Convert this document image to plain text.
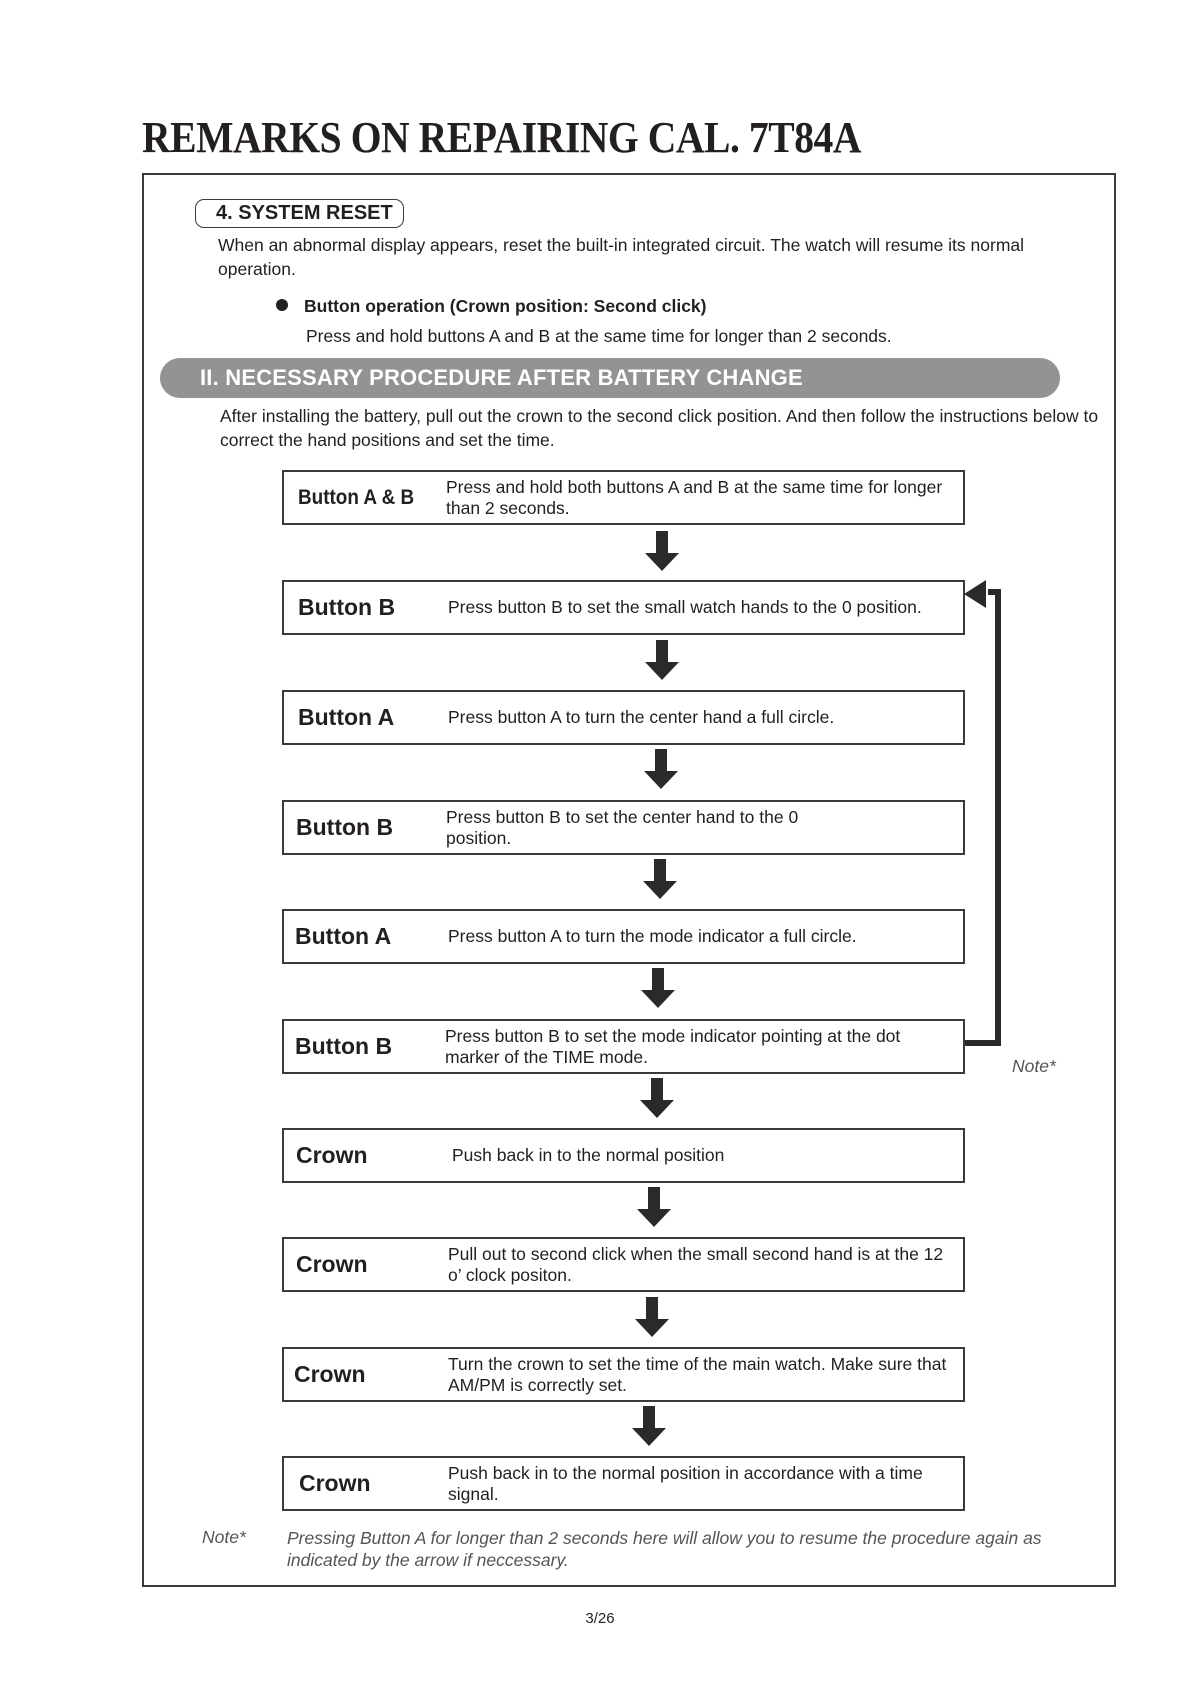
REMARKS ON REPAIRING CAL. 7T84A
4. SYSTEM RESET

When an abnormal display appears, reset the built-in integrated circuit. The watch will resume its normal operation.

Button operation (Crown position: Second click)

Press and hold buttons A and B at the same time for longer than 2 seconds.

II. NECESSARY PROCEDURE AFTER BATTERY CHANGE

After installing the battery, pull out the crown to the second click position. And then follow the instructions below to correct the hand positions and set the time.

Button A & B Press and hold both buttons A and B at the same time for longer than 2 seconds.
Button B	Press button B to set the small watch hands to the 0 position.
Button A	Press button A to turn the center hand a full circle.
Button B	Press button B to set the center hand to the 0 position.
Button A	Press button A to turn the mode indicator a full circle.
Button B	Press button B to set the mode indicator pointing at the dot marker of the TIME mode.
Crown	Push back in to the normal position
Crown	Pull out to second click when the small second hand is at the 12 o’ clock positon.
Crown	Turn the crown to set the time of the main watch. Make sure that AM/PM is correctly set.
Crown	Push back in to the normal position in accordance with a time signal.
Note*
Note* Pressing Button A for longer than 2 seconds here will allow you to resume the procedure again as indicated by the arrow if neccessary.

3/26
